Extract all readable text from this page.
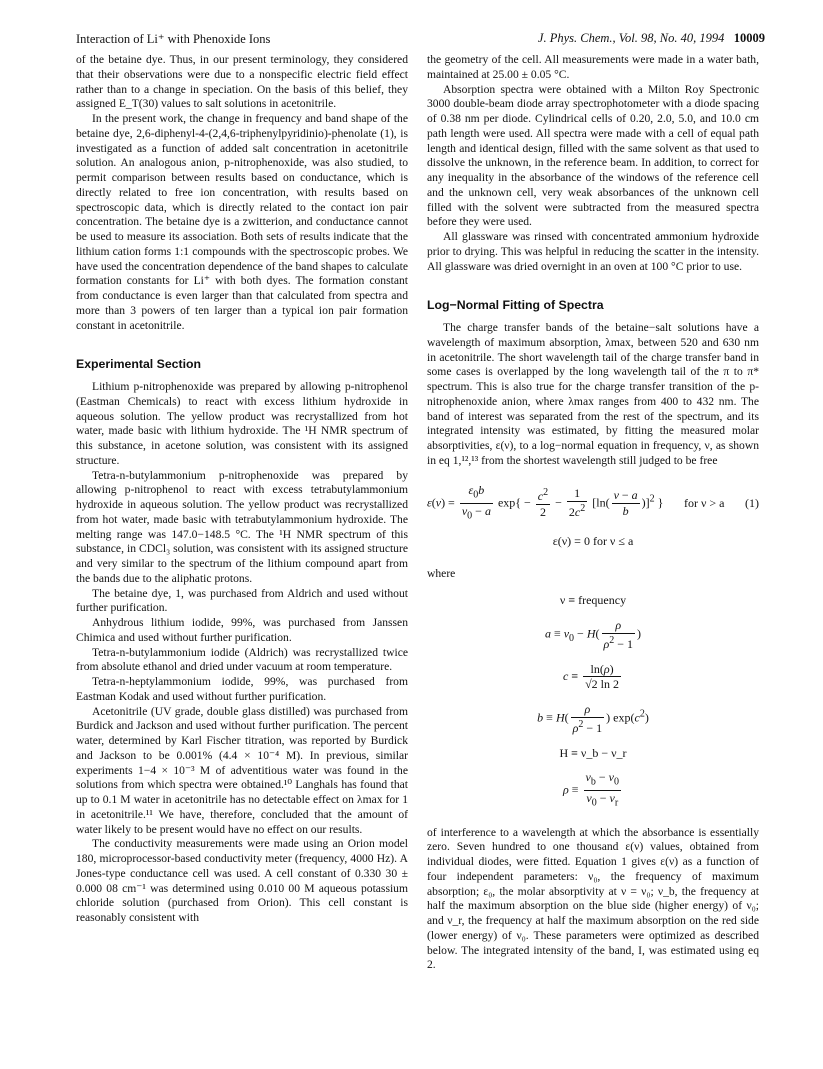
Interaction of Li⁺ with Phenoxide Ions	J. Phys. Chem., Vol. 98, No. 40, 1994 10009

of the betaine dye. Thus, in our present terminology, they considered that their observations were due to a nonspecific electric field effect rather than to a change in speciation. On the basis of this belief, they assigned E_T(30) values to salt solutions in acetonitrile.

In the present work, the change in frequency and band shape of the betaine dye, 2,6-diphenyl-4-(2,4,6-triphenylpyridinio)-phenolate (1), is investigated as a function of added salt concentration in acetonitrile solution. An analogous anion, p-nitrophenoxide, was also studied, to permit comparison between results based on conductance, which is directly related to free ion concentration, with results based on spectroscopic data, which is directly related to the contact ion pair concentration. The betaine dye is a zwitterion, and conductance cannot be used to measure its association. Both sets of results indicate that the lithium cation forms 1:1 compounds with the spectroscopic probes. We have used the concentration dependence of the band shapes to calculate formation constants for Li⁺ with both dyes. The formation constant from conductance is even larger than that calculated from spectra and more than 3 powers of ten larger than a typical ion pair formation constant in acetonitrile.

Experimental Section

Lithium p-nitrophenoxide was prepared by allowing p-nitrophenol (Eastman Chemicals) to react with excess lithium hydroxide in aqueous solution. The yellow product was recrystallized from hot water, made basic with lithium hydroxide. The ¹H NMR spectrum of this substance, in acetone solution, was consistent with its assigned structure.

Tetra-n-butylammonium p-nitrophenoxide was prepared by allowing p-nitrophenol to react with excess tetrabutylammonium hydroxide in aqueous solution. The yellow product was recrystallized from hot water, made basic with tetrabutylammonium hydroxide. The melting range was 147.0−148.5 °C. The ¹H NMR spectrum of this substance, in CDCl₃ solution, was consistent with its assigned structure and very similar to the spectrum of the lithium compound apart from the bands due to the aliphatic protons.

The betaine dye, 1, was purchased from Aldrich and used without further purification.

Anhydrous lithium iodide, 99%, was purchased from Janssen Chimica and used without further purification.

Tetra-n-butylammonium iodide (Aldrich) was recrystallized twice from absolute ethanol and dried under vacuum at room temperature.

Tetra-n-heptylammonium iodide, 99%, was purchased from Eastman Kodak and used without further purification.

Acetonitrile (UV grade, double glass distilled) was purchased from Burdick and Jackson and used without further purification. The percent water, determined by Karl Fischer titration, was reported by Burdick and Jackson to be 0.001% (4.4 × 10⁻⁴ M). In previous, similar experiments 1−4 × 10⁻³ M of adventitious water was found in the solutions from which spectra were obtained.¹⁰ Langhals has found that up to 0.1 M water in acetonitrile has no detectable effect on λmax for 1 in acetonitrile.¹¹ We have, therefore, concluded that the amount of water likely to be present would have no effect on our results.

The conductivity measurements were made using an Orion model 180, microprocessor-based conductivity meter (frequency, 4000 Hz). A Jones-type conductance cell was used. A cell constant of 0.330 30 ± 0.000 08 cm⁻¹ was determined using 0.010 00 M aqueous potassium chloride solution (purchased from Orion). This cell constant is reasonably consistent with

the geometry of the cell. All measurements were made in a water bath, maintained at 25.00 ± 0.05 °C.

Absorption spectra were obtained with a Milton Roy Spectronic 3000 double-beam diode array spectrophotometer with a diode spacing of 0.38 nm per diode. Cylindrical cells of 0.20, 2.0, 5.0, and 10.0 cm path length were used. All spectra were made with a cell of equal path length and identical design, filled with the same solvent as that used to dissolve the unknown, in the reference beam. In addition, to correct for any inequality in the absorbance of the windows of the reference cell and the unknown cell, very weak absorbances of the unknown cell filled with the solvent were subtracted from the measured spectra before they were used.

All glassware was rinsed with concentrated ammonium hydroxide prior to drying. This was helpful in reducing the scatter in the intensity. All glassware was dried overnight in an oven at 100 °C prior to use.

Log−Normal Fitting of Spectra

The charge transfer bands of the betaine−salt solutions have a wavelength of maximum absorption, λmax, between 520 and 630 nm in acetonitrile. The short wavelength tail of the charge transfer band in some cases is overlapped by the long wavelength tail of the π to π* spectrum. This is also true for the charge transfer transition of the p-nitrophenoxide anion, where λmax ranges from 400 to 432 nm. The band of interest was separated from the rest of the spectrum, and its integrated intensity was estimated, by fitting the measured molar absorptivities, ε(ν), to a log−normal equation in frequency, ν, as shown in eq 1,¹²,¹³ from the shortest wavelength still judged to be free

$\varepsilon(\nu) = \frac{\varepsilon_0b}{\nu_0 - a} \exp\{ - \frac{c^2}{2} - \frac{1}{2c^2} [\ln( \frac{\nu - a}{b} )]^2$ } for ν > a (1)
ε(ν) = 0 for ν ≤ a

where

ν ≡ frequency
$a \equiv \nu_0 - H( \frac{\rho}{\rho^2 - 1}$ )
$c \equiv \frac{\ln(\rho)}{√2 \ln 2}$
$b \equiv H( \frac{\rho}{\rho^2 - 1}$ ) $\exp(c^2)$
H ≡ ν_b − ν_r
$\rho \equiv \frac{\nu_b - \nu_0}{\nu_0 - \nu_r}$

of interference to a wavelength at which the absorbance is essentially zero. Seven hundred to one thousand ε(ν) values, obtained from individual diodes, were fitted. Equation 1 gives ε(ν) as a function of four independent parameters: ν₀, the frequency of maximum absorption; ε₀, the molar absorptivity at ν = ν₀; ν_b, the frequency at half the maximum absorption on the blue side (higher energy) of ν₀; and ν_r, the frequency at half the maximum absorption on the red side (lower energy) of ν₀. These parameters were optimized as described below. The integrated intensity of the band, I, was estimated using eq 2.
